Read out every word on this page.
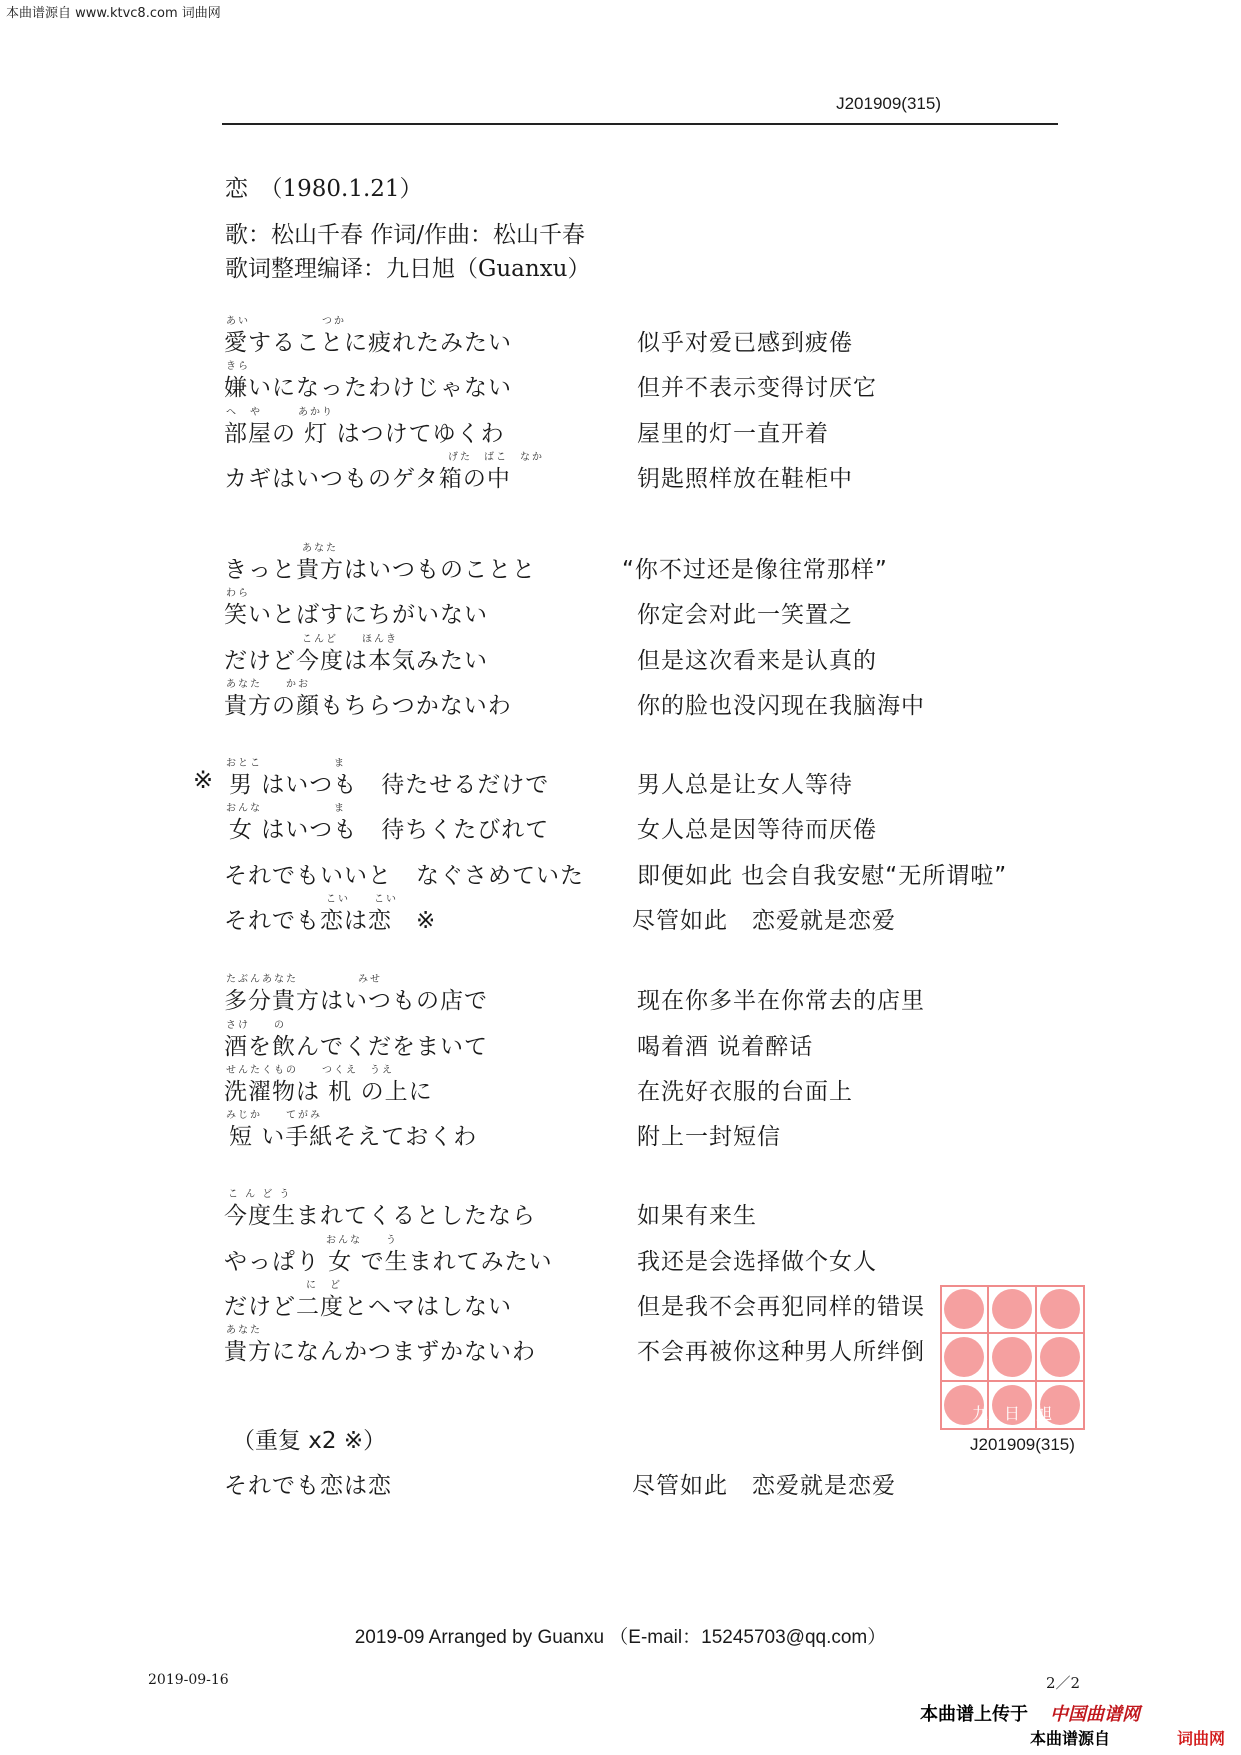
本曲谱源自 www.ktvc8.com 词曲网
J201909(315)
恋　（1980.1.21）
歌：松山千春 作词/作曲：松山千春
歌词整理编译：九日旭（Guanxu）
あい　　　　　　つか
愛することに疲れたみたい	似乎对爱已感到疲倦
きら
嫌いになったわけじゃない	但并不表示变得讨厌它
へ　や　　　あかり
部屋の 灯 はつけてゆくわ	屋里的灯一直开着
げた　ばこ　なか
カギはいつものゲタ箱の中	钥匙照样放在鞋柜中
あなた
きっと貴方はいつものことと	“你不过还是像往常那样”
わら
笑いとばすにちがいない	你定会对此一笑置之
こんど　　ほんき
だけど今度は本気みたい	但是这次看来是认真的
あなた　　かお
貴方の顔もちらつかないわ	你的脸也没闪现在我脑海中
※
おとこ　　　　　　ま
男 はいつも　待たせるだけで	男人总是让女人等待
おんな　　　　　　ま
女 はいつも　待ちくたびれて	女人总是因等待而厌倦
それでもいいと　なぐさめていた 即便如此 也会自我安慰“无所谓啦”
こい　　こい
それでも恋は恋　※	尽管如此　恋爱就是恋爱
たぶんあなた　　　　　みせ
多分貴方はいつもの店で	现在你多半在你常去的店里
さけ　　の
酒を飲んでくだをまいて	喝着酒 说着醉话
せんたくもの　　つくえ　うえ
洗濯物は 机 の上に	在洗好衣服的台面上
みじか　　てがみ
短 い手紙そえておくわ	附上一封短信
こ ん ど う
今度生まれてくるとしたなら	如果有来生
おんな　　う
やっぱり 女 で生まれてみたい	我还是会选择做个女人
に　ど
だけど二度とヘマはしない	但是我不会再犯同样的错误
あなた
貴方になんかつまずかないわ	不会再被你这种男人所绊倒
九　日　旭
（重复 x2 ※）	J201909(315)
それでも恋は恋	尽管如此　恋爱就是恋爱
2019-09 Arranged by Guanxu （E-mail：15245703@qq.com）
2019-09-16	2／2
本曲谱上传于 中国曲谱网
本曲谱源自	词曲网
